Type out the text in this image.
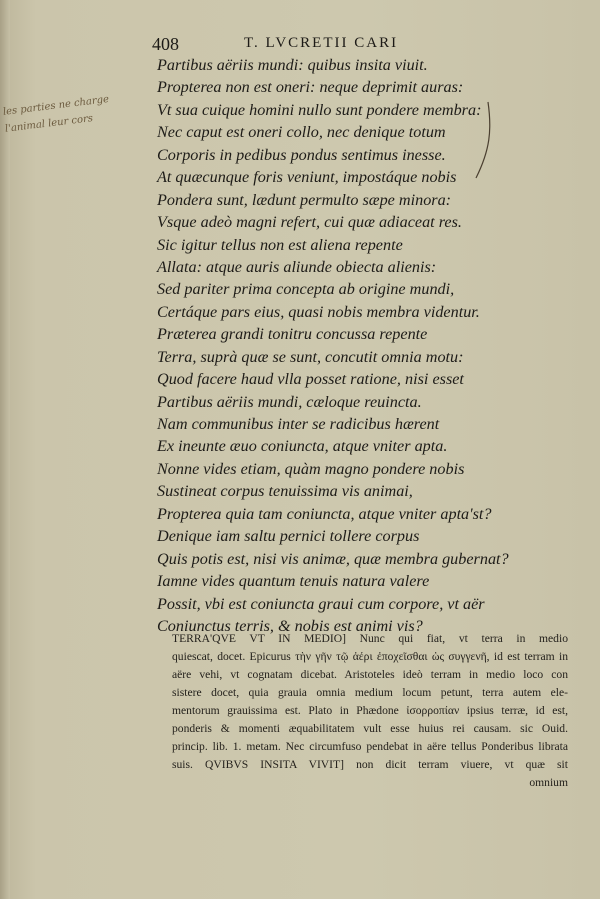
408	T. LVCRETII CARI
les parties ne charge
l'animal leur cors
Partibus aëriis mundi: quibus insita viuit.
Propterea non est oneri: neque deprimit auras:
Vt sua cuique homini nullo sunt pondere membra:
Nec caput est oneri collo, nec denique totum
Corporis in pedibus pondus sentimus inesse.
At quæcunque foris veniunt, impostáque nobis
Pondera sunt, lædunt permulto sæpe minora:
Vsque adeò magni refert, cui quæ adiaceat res.
Sic igitur tellus non est aliena repente
Allata: atque auris aliunde obiecta alienis:
Sed pariter prima concepta ab origine mundi,
Certáque pars eius, quasi nobis membra videntur.
Præterea grandi tonitru concussa repente
Terra, suprà quæ se sunt, concutit omnia motu:
Quod facere haud vlla posset ratione, nisi esset
Partibus aëriis mundi, cæloque reuincta.
Nam communibus inter se radicibus hærent
Ex ineunte æuo coniuncta, atque vniter apta.
Nonne vides etiam, quàm magno pondere nobis
Sustineat corpus tenuissima vis animai,
Propterea quia tam coniuncta, atque vniter apta'st?
Denique iam saltu pernici tollere corpus
Quis potis est, nisi vis animæ, quæ membra gubernat?
Iamne vides quantum tenuis natura valere
Possit, vbi est coniuncta graui cum corpore, vt aër
Coniunctus terris, & nobis est animi vis?
TERRA'QVE VT IN MEDIO] Nunc qui fiat, vt terra in medio
quiescat, docet. Epicurus τὴν γῆν τῷ ἀέρι ἐποχεῖσθαι ὡς συγγενῆ, id est terram in
aëre vehi, vt cognatam dicebat. Aristoteles ideò terram in medio loco con
sistere docet, quia grauia omnia medium locum petunt, terra autem ele-
mentorum grauissima est. Plato in Phædone ἰσορροπίαν ipsius terræ, id est,
ponderis & momenti æquabilitatem vult esse huius rei causam. sic Ouid.
princip. lib. 1. metam. Nec circumfuso pendebat in aëre tellus Ponderibus librata
suis. QVIBVS INSITA VIVIT] non dicit terram viuere, vt quæ sit
omnium
